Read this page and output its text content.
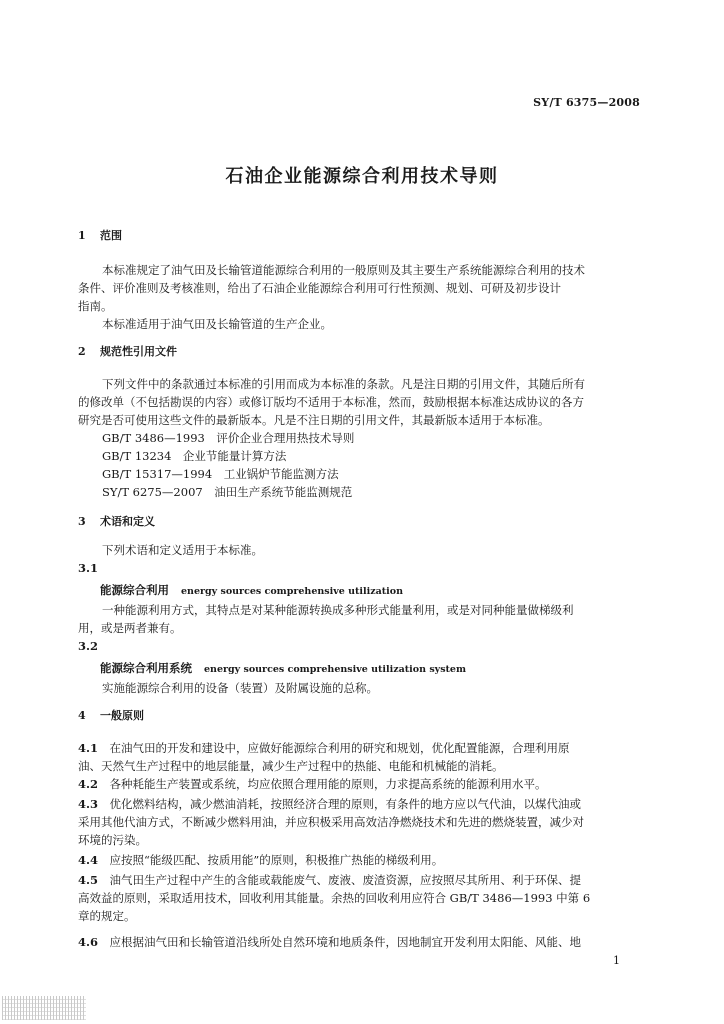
SY/T 6375—2008
石油企业能源综合利用技术导则
1 范围
本标准规定了油气田及长输管道能源综合利用的一般原则及其主要生产系统能源综合利用的技术
条件、评价准则及考核准则，给出了石油企业能源综合利用可行性预测、规划、可研及初步设计
指南。
本标准适用于油气田及长输管道的生产企业。
2 规范性引用文件
下列文件中的条款通过本标准的引用而成为本标准的条款。凡是注日期的引用文件，其随后所有
的修改单（不包括勘误的内容）或修订版均不适用于本标准，然而，鼓励根据本标准达成协议的各方
研究是否可使用这些文件的最新版本。凡是不注日期的引用文件，其最新版本适用于本标准。
GB/T 3486—1993　评价企业合理用热技术导则
GB/T 13234　企业节能量计算方法
GB/T 15317—1994　工业锅炉节能监测方法
SY/T 6275—2007　油田生产系统节能监测规范
3 术语和定义
下列术语和定义适用于本标准。
3.1
能源综合利用 energy sources comprehensive utilization
一种能源利用方式，其特点是对某种能源转换成多种形式能量利用，或是对同种能量做梯级利
用，或是两者兼有。
3.2
能源综合利用系统 energy sources comprehensive utilization system
实施能源综合利用的设备（装置）及附属设施的总称。
4 一般原则
4.1　 在油气田的开发和建设中，应做好能源综合利用的研究和规划，优化配置能源，合理利用原
油、天然气生产过程中的地层能量，减少生产过程中的热能、电能和机械能的消耗。
4.2　 各种耗能生产装置或系统，均应依照合理用能的原则，力求提高系统的能源利用水平。
4.3　 优化燃料结构，减少燃油消耗，按照经济合理的原则，有条件的地方应以气代油，以煤代油或
采用其他代油方式，不断减少燃料用油，并应积极采用高效洁净燃烧技术和先进的燃烧装置，减少对
环境的污染。
4.4　 应按照“能级匹配、按质用能”的原则，积极推广热能的梯级利用。
4.5　 油气田生产过程中产生的含能或载能废气、废液、废渣资源，应按照尽其所用、利于环保、提
高效益的原则，采取适用技术，回收利用其能量。余热的回收利用应符合 GB/T 3486—1993 中第 6
章的规定。
4.6　 应根据油气田和长输管道沿线所处自然环境和地质条件，因地制宜开发利用太阳能、风能、地
1
